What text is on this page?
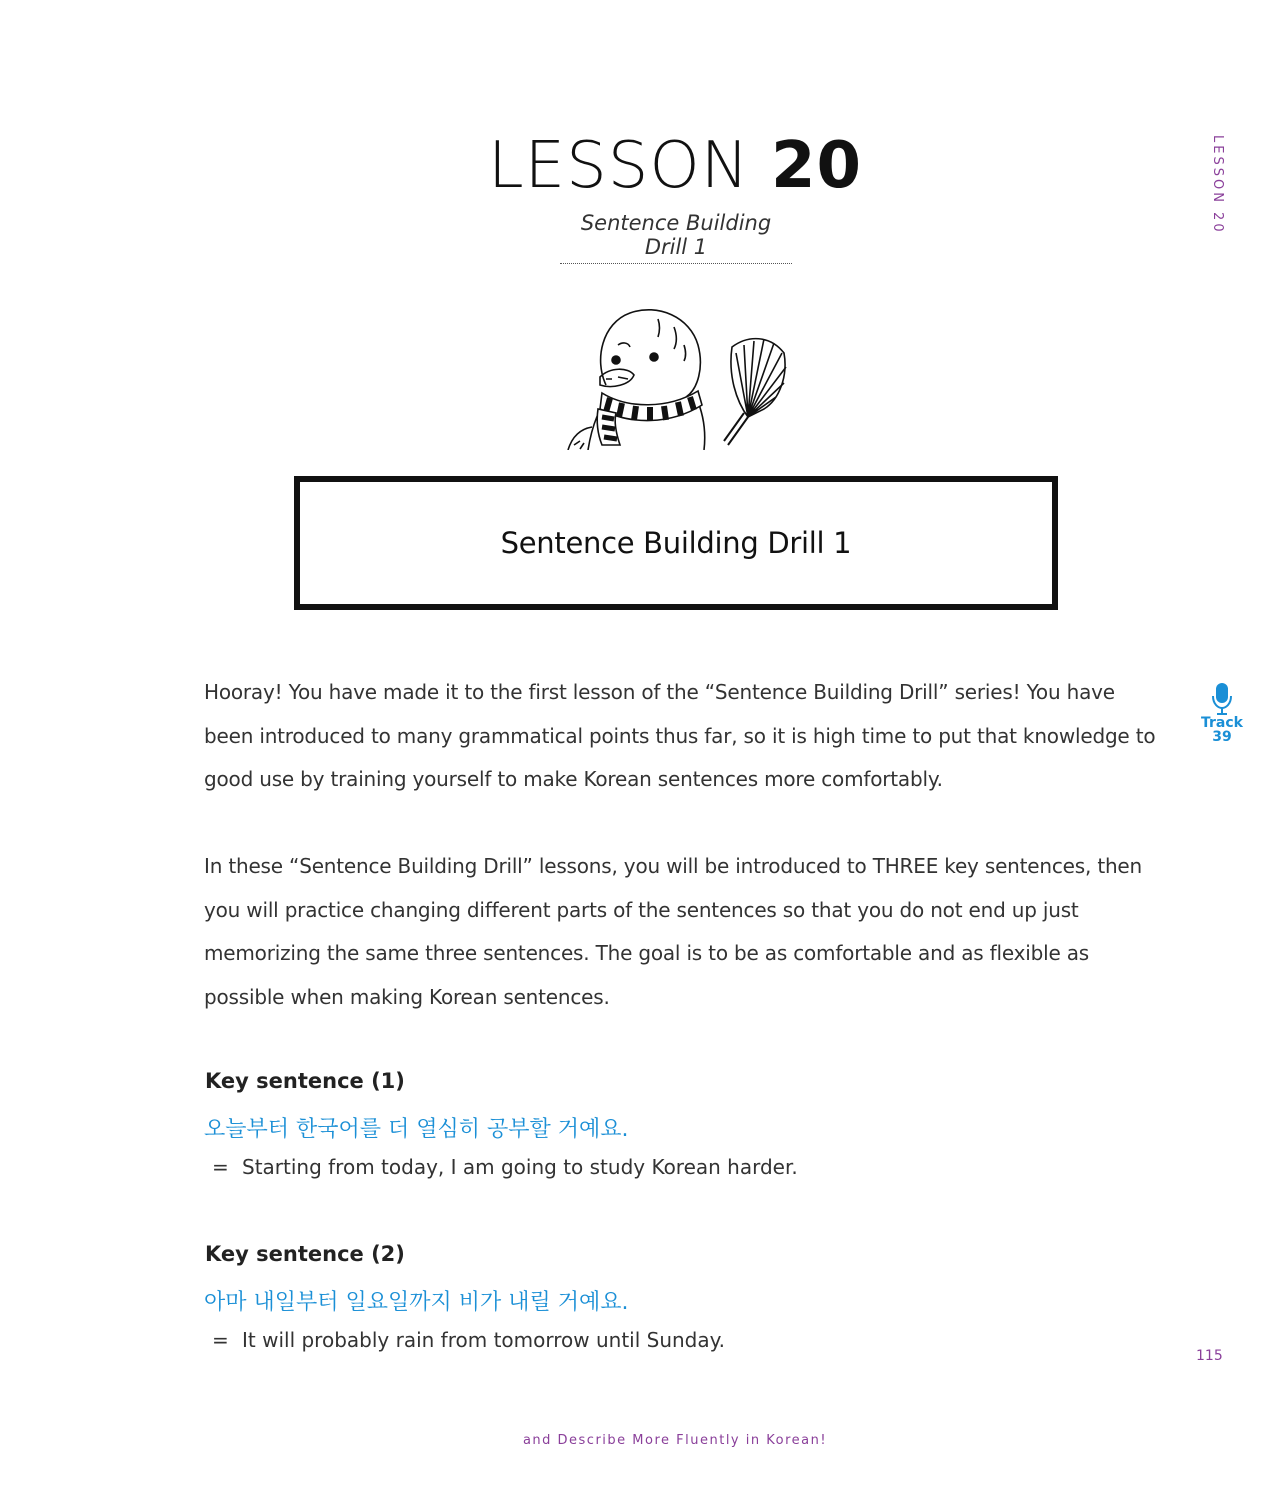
LESSON 20
Sentence Building Drill 1
LESSON 20
Sentence Building Drill 1

Hooray! You have made it to the first lesson of the “Sentence Building Drill” series! You have been introduced to many grammatical points thus far, so it is high time to put that knowledge to good use by training yourself to make Korean sentences more comfortably.

In these “Sentence Building Drill” lessons, you will be introduced to THREE key sentences, then you will practice changing different parts of the sentences so that you do not end up just memorizing the same three sentences. The goal is to be as comfortable and as flexible as possible when making Korean sentences.

Key sentence (1)
오늘부터 한국어를 더 열심히 공부할 거예요.
= Starting from today, I am going to study Korean harder.
Key sentence (2)
아마 내일부터 일요일까지 비가 내릴 거예요.
= It will probably rain from tomorrow until Sunday.
Track
39
115
and Describe More Fluently in Korean!
